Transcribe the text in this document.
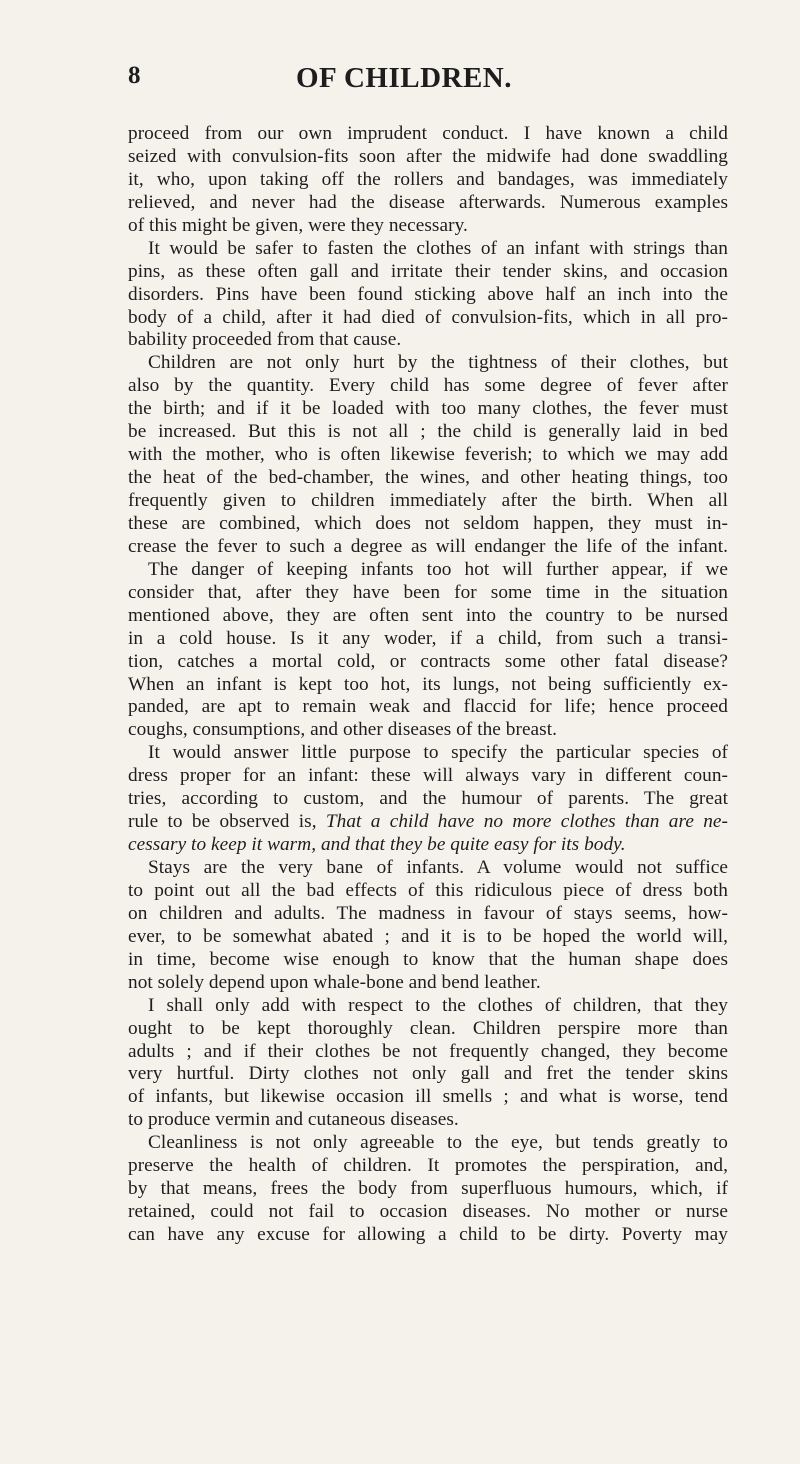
8	OF CHILDREN.
proceed from our own imprudent conduct. I have known a child
seized with convulsion-fits soon after the midwife had done swaddling
it, who, upon taking off the rollers and bandages, was immediately
relieved, and never had the disease afterwards. Numerous examples
of this might be given, were they necessary.
It would be safer to fasten the clothes of an infant with strings than
pins, as these often gall and irritate their tender skins, and occasion
disorders. Pins have been found sticking above half an inch into the
body of a child, after it had died of convulsion-fits, which in all pro-
bability proceeded from that cause.
Children are not only hurt by the tightness of their clothes, but
also by the quantity. Every child has some degree of fever after
the birth; and if it be loaded with too many clothes, the fever must
be increased. But this is not all ; the child is generally laid in bed
with the mother, who is often likewise feverish; to which we may add
the heat of the bed-chamber, the wines, and other heating things, too
frequently given to children immediately after the birth. When all
these are combined, which does not seldom happen, they must in-
crease the fever to such a degree as will endanger the life of the infant.
The danger of keeping infants too hot will further appear, if we
consider that, after they have been for some time in the situation
mentioned above, they are often sent into the country to be nursed
in a cold house. Is it any woder, if a child, from such a transi-
tion, catches a mortal cold, or contracts some other fatal disease?
When an infant is kept too hot, its lungs, not being sufficiently ex-
panded, are apt to remain weak and flaccid for life; hence proceed
coughs, consumptions, and other diseases of the breast.
It would answer little purpose to specify the particular species of
dress proper for an infant: these will always vary in different coun-
tries, according to custom, and the humour of parents. The great
rule to be observed is, That a child have no more clothes than are ne-
cessary to keep it warm, and that they be quite easy for its body.
Stays are the very bane of infants. A volume would not suffice
to point out all the bad effects of this ridiculous piece of dress both
on children and adults. The madness in favour of stays seems, how-
ever, to be somewhat abated ; and it is to be hoped the world will,
in time, become wise enough to know that the human shape does
not solely depend upon whale-bone and bend leather.
I shall only add with respect to the clothes of children, that they
ought to be kept thoroughly clean. Children perspire more than
adults ; and if their clothes be not frequently changed, they become
very hurtful. Dirty clothes not only gall and fret the tender skins
of infants, but likewise occasion ill smells ; and what is worse, tend
to produce vermin and cutaneous diseases.
Cleanliness is not only agreeable to the eye, but tends greatly to
preserve the health of children. It promotes the perspiration, and,
by that means, frees the body from superfluous humours, which, if
retained, could not fail to occasion diseases. No mother or nurse
can have any excuse for allowing a child to be dirty. Poverty may
